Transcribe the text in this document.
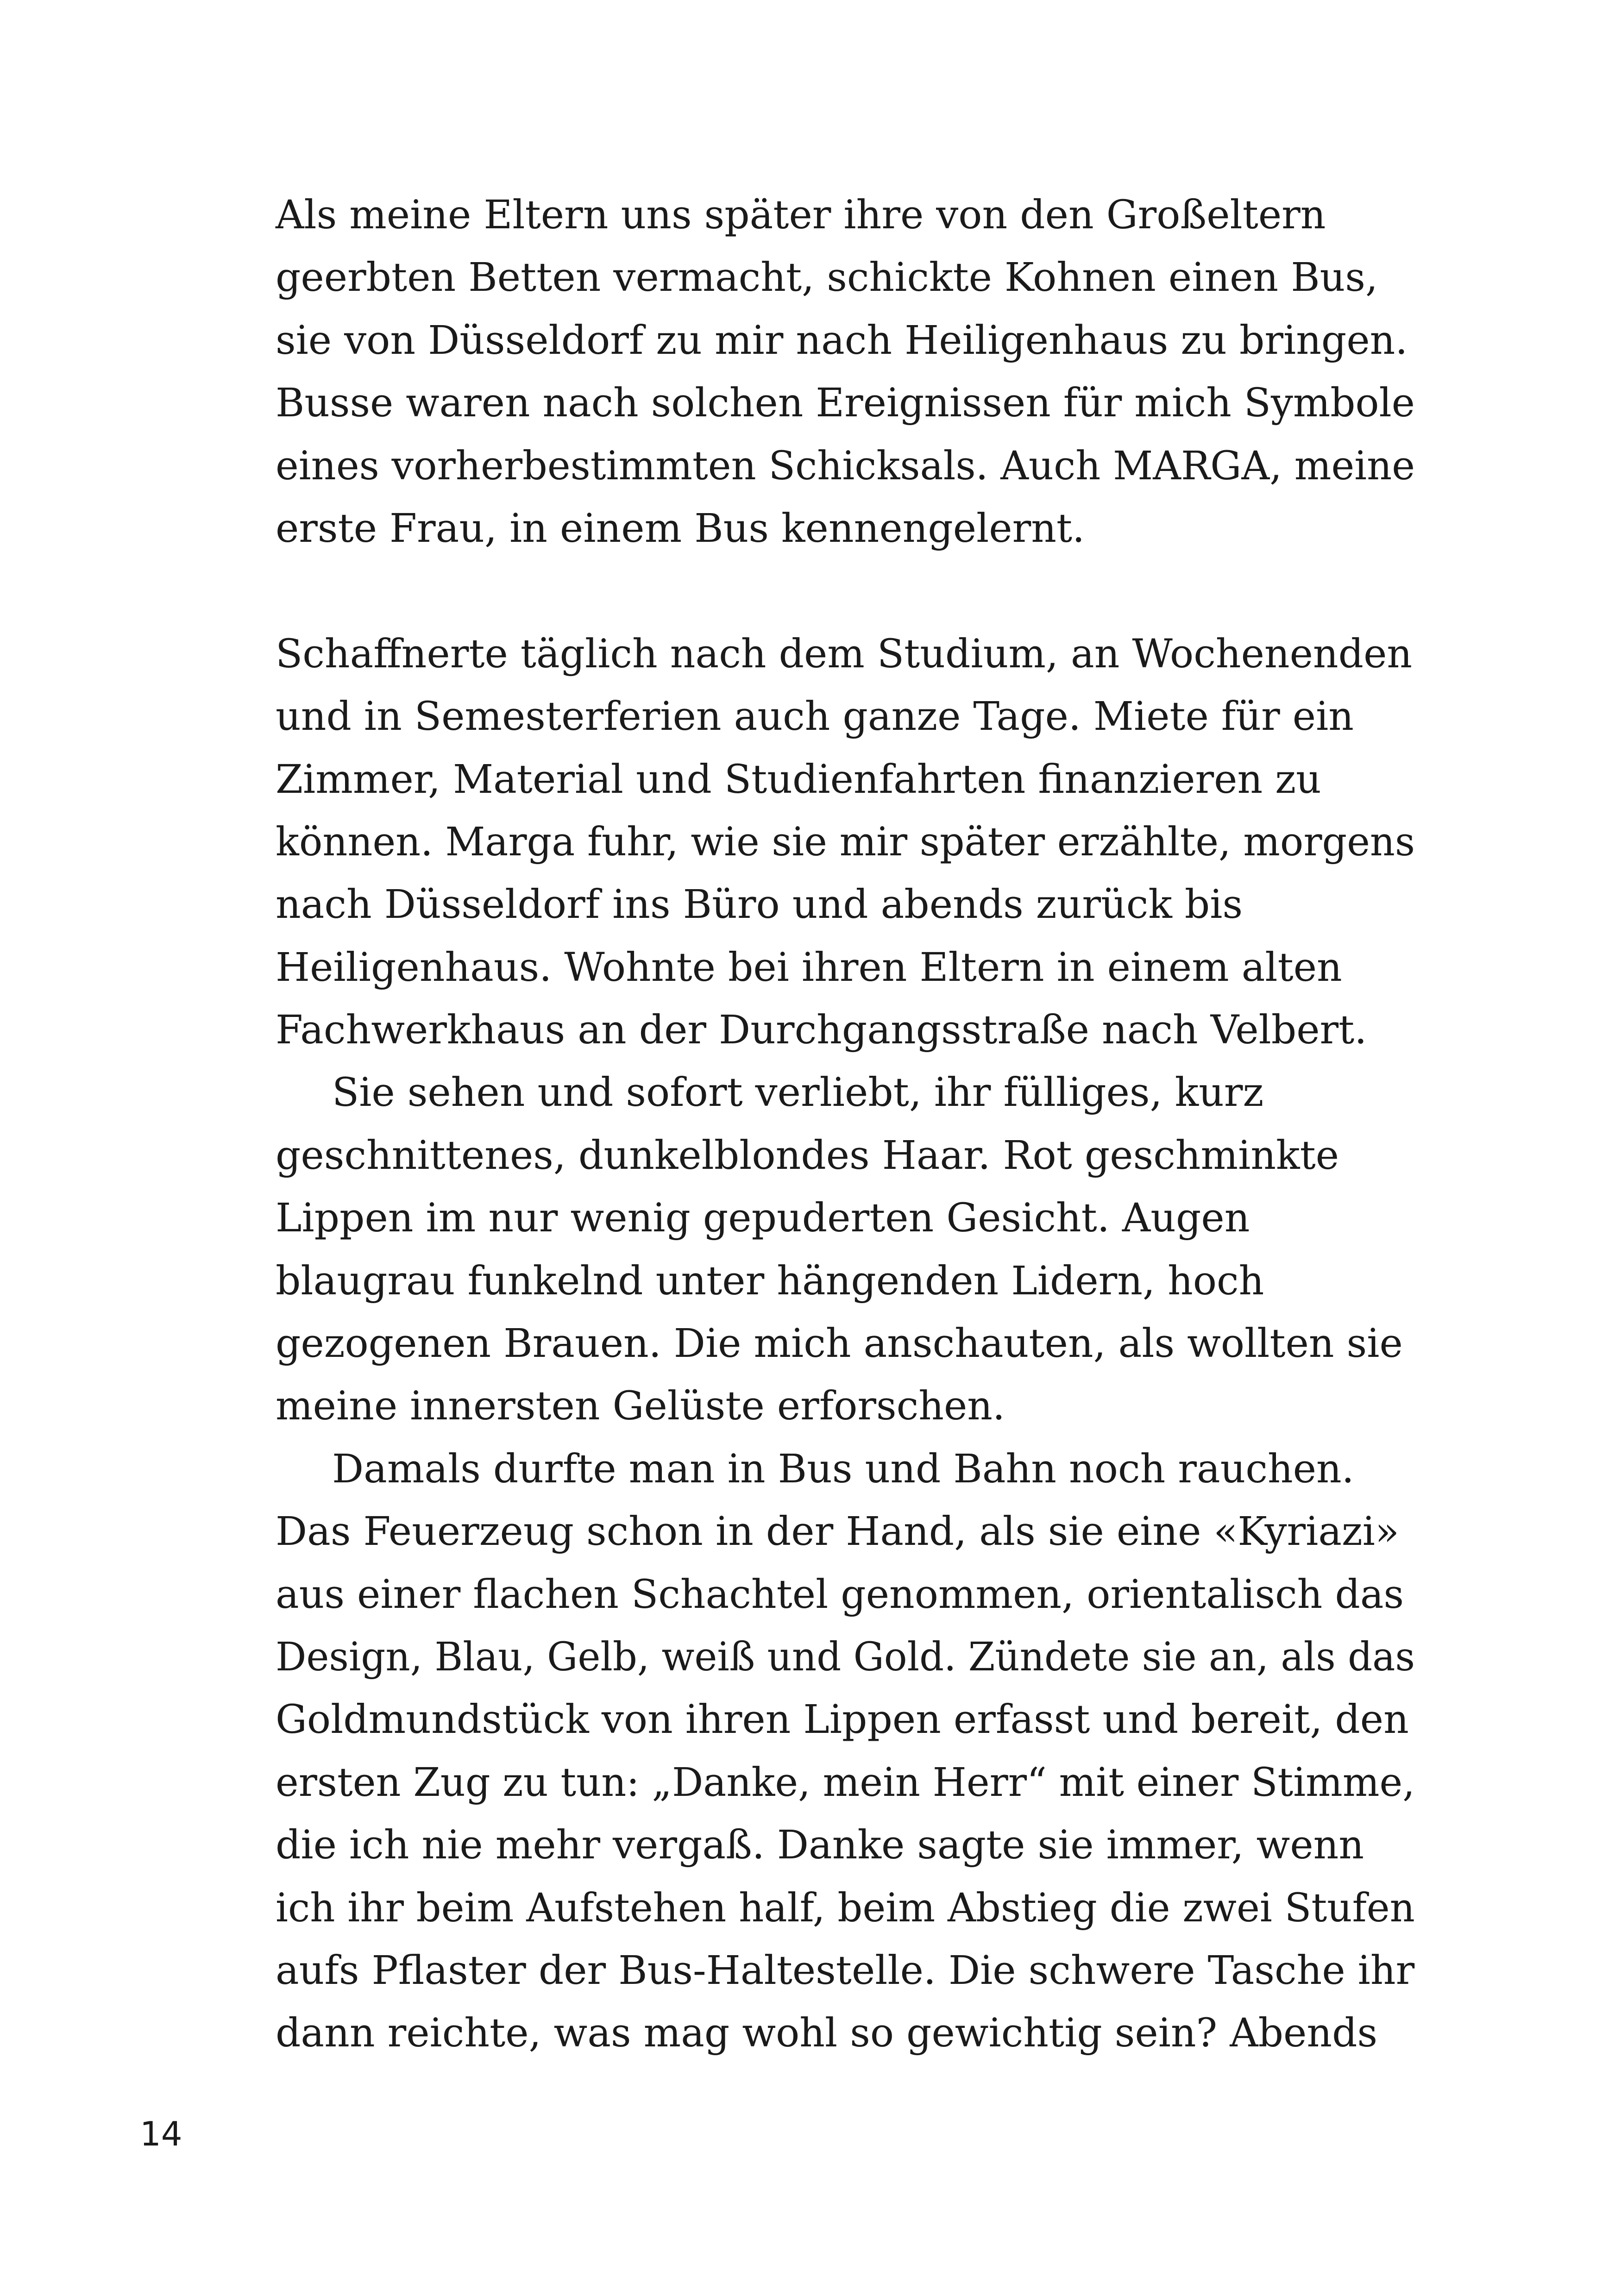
Als meine Eltern uns später ihre von den Großeltern
geerbten Betten vermacht, schickte Kohnen einen Bus,
sie von Düsseldorf zu mir nach Heiligenhaus zu bringen.
Busse waren nach solchen Ereignissen für mich Symbole
eines vorherbestimmten Schicksals. Auch MARGA, meine
erste Frau, in einem Bus kennengelernt.
Schaffnerte täglich nach dem Studium, an Wochenenden
und in Semesterferien auch ganze Tage. Miete für ein
Zimmer, Material und Studienfahrten finanzieren zu
können. Marga fuhr, wie sie mir später erzählte, morgens
nach Düsseldorf ins Büro und abends zurück bis
Heiligenhaus. Wohnte bei ihren Eltern in einem alten
Fachwerkhaus an der Durchgangsstraße nach Velbert.
Sie sehen und sofort verliebt, ihr fülliges, kurz
geschnittenes, dunkelblondes Haar. Rot geschminkte
Lippen im nur wenig gepuderten Gesicht. Augen
blaugrau funkelnd unter hängenden Lidern, hoch
gezogenen Brauen. Die mich anschauten, als wollten sie
meine innersten Gelüste erforschen.
Damals durfte man in Bus und Bahn noch rauchen.
Das Feuerzeug schon in der Hand, als sie eine «Kyriazi»
aus einer flachen Schachtel genommen, orientalisch das
Design, Blau, Gelb, weiß und Gold. Zündete sie an, als das
Goldmundstück von ihren Lippen erfasst und bereit, den
ersten Zug zu tun: „Danke, mein Herr“ mit einer Stimme,
die ich nie mehr vergaß. Danke sagte sie immer, wenn
ich ihr beim Aufstehen half, beim Abstieg die zwei Stufen
aufs Pflaster der Bus-Haltestelle. Die schwere Tasche ihr
dann reichte, was mag wohl so gewichtig sein? Abends
14
